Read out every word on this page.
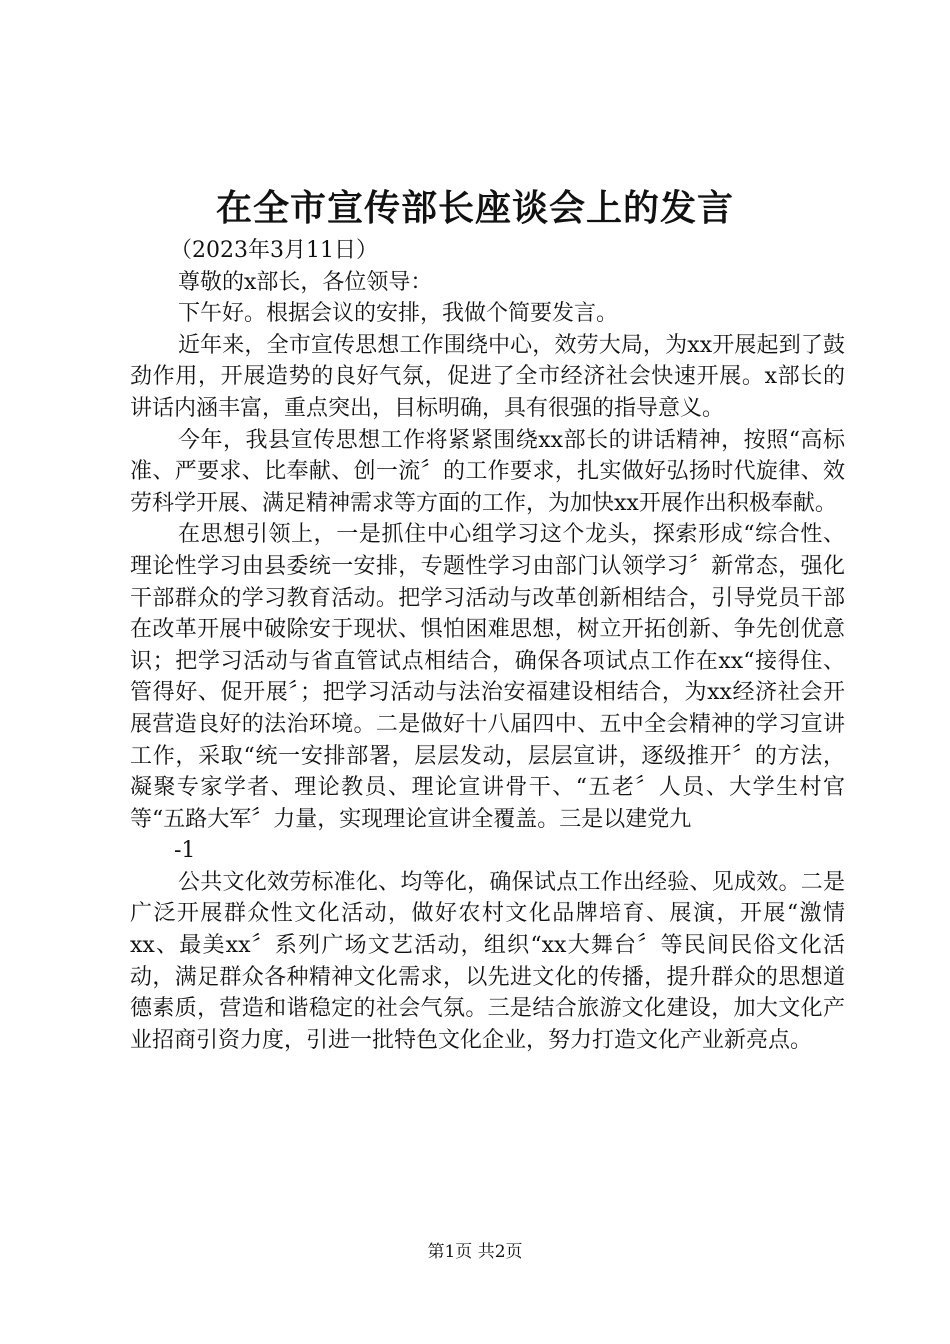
在全市宣传部长座谈会上的发言

（2023年3月11日）

尊敬的x部长，各位领导：

下午好。根据会议的安排，我做个简要发言。

近年来，全市宣传思想工作围绕中心，效劳大局，为xx开展起到了鼓劲作用，开展造势的良好气氛，促进了全市经济社会快速开展。x部长的讲话内涵丰富，重点突出，目标明确，具有很强的指导意义。

今年，我县宣传思想工作将紧紧围绕xx部长的讲话精神，按照“高标准、严要求、比奉献、创一流〞的工作要求，扎实做好弘扬时代旋律、效劳科学开展、满足精神需求等方面的工作，为加快xx开展作出积极奉献。

在思想引领上，一是抓住中心组学习这个龙头，探索形成“综合性、理论性学习由县委统一安排，专题性学习由部门认领学习〞新常态，强化干部群众的学习教育活动。把学习活动与改革创新相结合，引导党员干部在改革开展中破除安于现状、惧怕困难思想，树立开拓创新、争先创优意识；把学习活动与省直管试点相结合，确保各项试点工作在xx“接得住、管得好、促开展〞；把学习活动与法治安福建设相结合，为xx经济社会开展营造良好的法治环境。二是做好十八届四中、五中全会精神的学习宣讲工作，采取“统一安排部署，层层发动，层层宣讲，逐级推开〞的方法，凝聚专家学者、理论教员、理论宣讲骨干、“五老〞人员、大学生村官等“五路大军〞力量，实现理论宣讲全覆盖。三是以建党九

-1

公共文化效劳标准化、均等化，确保试点工作出经验、见成效。二是广泛开展群众性文化活动，做好农村文化品牌培育、展演，开展“激情xx、最美xx〞系列广场文艺活动，组织“xx大舞台〞等民间民俗文化活动，满足群众各种精神文化需求，以先进文化的传播，提升群众的思想道德素质，营造和谐稳定的社会气氛。三是结合旅游文化建设，加大文化产业招商引资力度，引进一批特色文化企业，努力打造文化产业新亮点。

第1页 共2页
